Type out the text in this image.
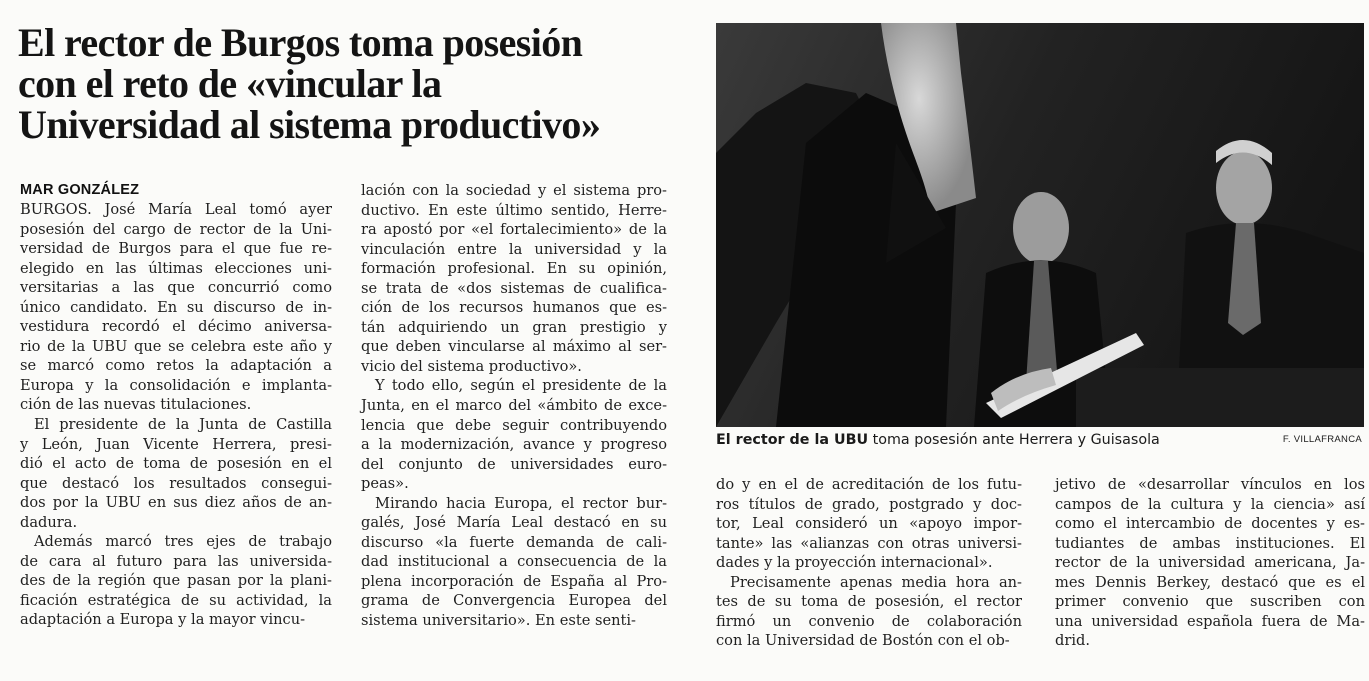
El rector de Burgos toma posesión
con el reto de «vincular la
Universidad al sistema productivo»
MAR GONZÁLEZ
BURGOS. José María Leal tomó ayer
posesión del cargo de rector de la Uni-
versidad de Burgos para el que fue re-
elegido en las últimas elecciones uni-
versitarias a las que concurrió como
único candidato. En su discurso de in-
vestidura recordó el décimo aniversa-
rio de la UBU que se celebra este año y
se marcó como retos la adaptación a
Europa y la consolidación e implanta-
ción de las nuevas titulaciones.
El presidente de la Junta de Castilla
y León, Juan Vicente Herrera, presi-
dió el acto de toma de posesión en el
que destacó los resultados consegui-
dos por la UBU en sus diez años de an-
dadura.
Además marcó tres ejes de trabajo
de cara al futuro para las universida-
des de la región que pasan por la plani-
ficación estratégica de su actividad, la
adaptación a Europa y la mayor vincu-
lación con la sociedad y el sistema pro-
ductivo. En este último sentido, Herre-
ra apostó por «el fortalecimiento» de la
vinculación entre la universidad y la
formación profesional. En su opinión,
se trata de «dos sistemas de cualifica-
ción de los recursos humanos que es-
tán adquiriendo un gran prestigio y
que deben vincularse al máximo al ser-
vicio del sistema productivo».
Y todo ello, según el presidente de la
Junta, en el marco del «ámbito de exce-
lencia que debe seguir contribuyendo
a la modernización, avance y progreso
del conjunto de universidades euro-
peas».
Mirando hacia Europa, el rector bur-
galés, José María Leal destacó en su
discurso «la fuerte demanda de cali-
dad institucional a consecuencia de la
plena incorporación de España al Pro-
grama de Convergencia Europea del
sistema universitario». En este senti-
El rector de la UBU toma posesión ante Herrera y Guisasola	F. VILLAFRANCA
do y en el de acreditación de los futu-
ros títulos de grado, postgrado y doc-
tor, Leal consideró un «apoyo impor-
tante» las «alianzas con otras universi-
dades y la proyección internacional».
Precisamente apenas media hora an-
tes de su toma de posesión, el rector
firmó un convenio de colaboración
con la Universidad de Bostón con el ob-
jetivo de «desarrollar vínculos en los
campos de la cultura y la ciencia» así
como el intercambio de docentes y es-
tudiantes de ambas instituciones. El
rector de la universidad americana, Ja-
mes Dennis Berkey, destacó que es el
primer convenio que suscriben con
una universidad española fuera de Ma-
drid.
